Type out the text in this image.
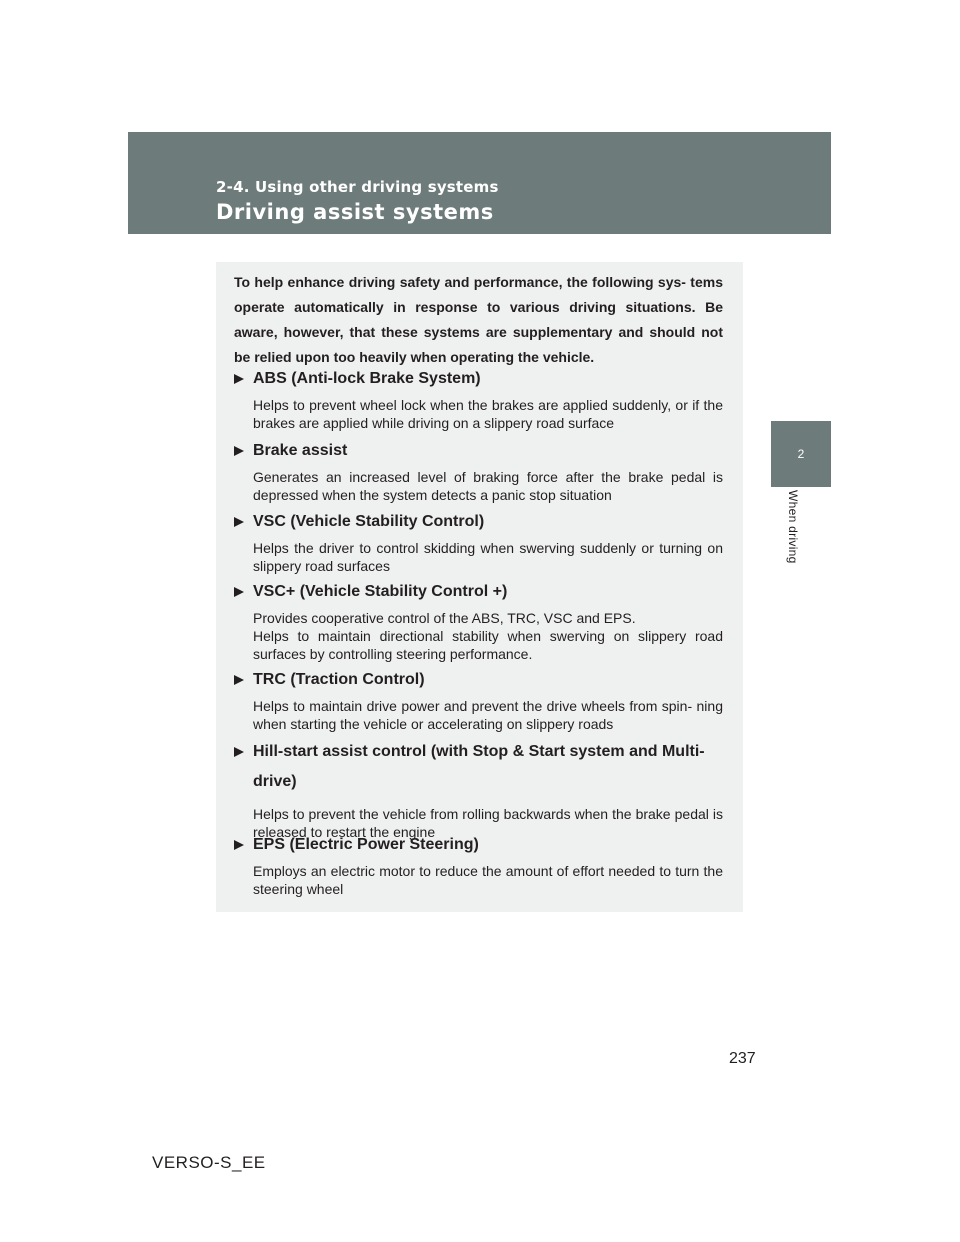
2-4. Using other driving systems
Driving assist systems
2
When driving
To help enhance driving safety and performance, the following sys- tems operate automatically in response to various driving situations. Be aware, however, that these systems are supplementary and should not be relied upon too heavily when operating the vehicle.
ABS (Anti-lock Brake System)
Helps to prevent wheel lock when the brakes are applied suddenly, or if the brakes are applied while driving on a slippery road surface
Brake assist
Generates an increased level of braking force after the brake pedal is depressed when the system detects a panic stop situation
VSC (Vehicle Stability Control)
Helps the driver to control skidding when swerving suddenly or turning on slippery road surfaces
VSC+ (Vehicle Stability Control +)
Provides cooperative control of the ABS, TRC, VSC and EPS.
Helps to maintain directional stability when swerving on slippery road surfaces by controlling steering performance.
TRC (Traction Control)
Helps to maintain drive power and prevent the drive wheels from spin- ning when starting the vehicle or accelerating on slippery roads
Hill-start assist control (with Stop & Start system and Multi- drive)
Helps to prevent the vehicle from rolling backwards when the brake pedal is released to restart the engine
EPS (Electric Power Steering)
Employs an electric motor to reduce the amount of effort needed to turn the steering wheel
237
VERSO-S_EE
